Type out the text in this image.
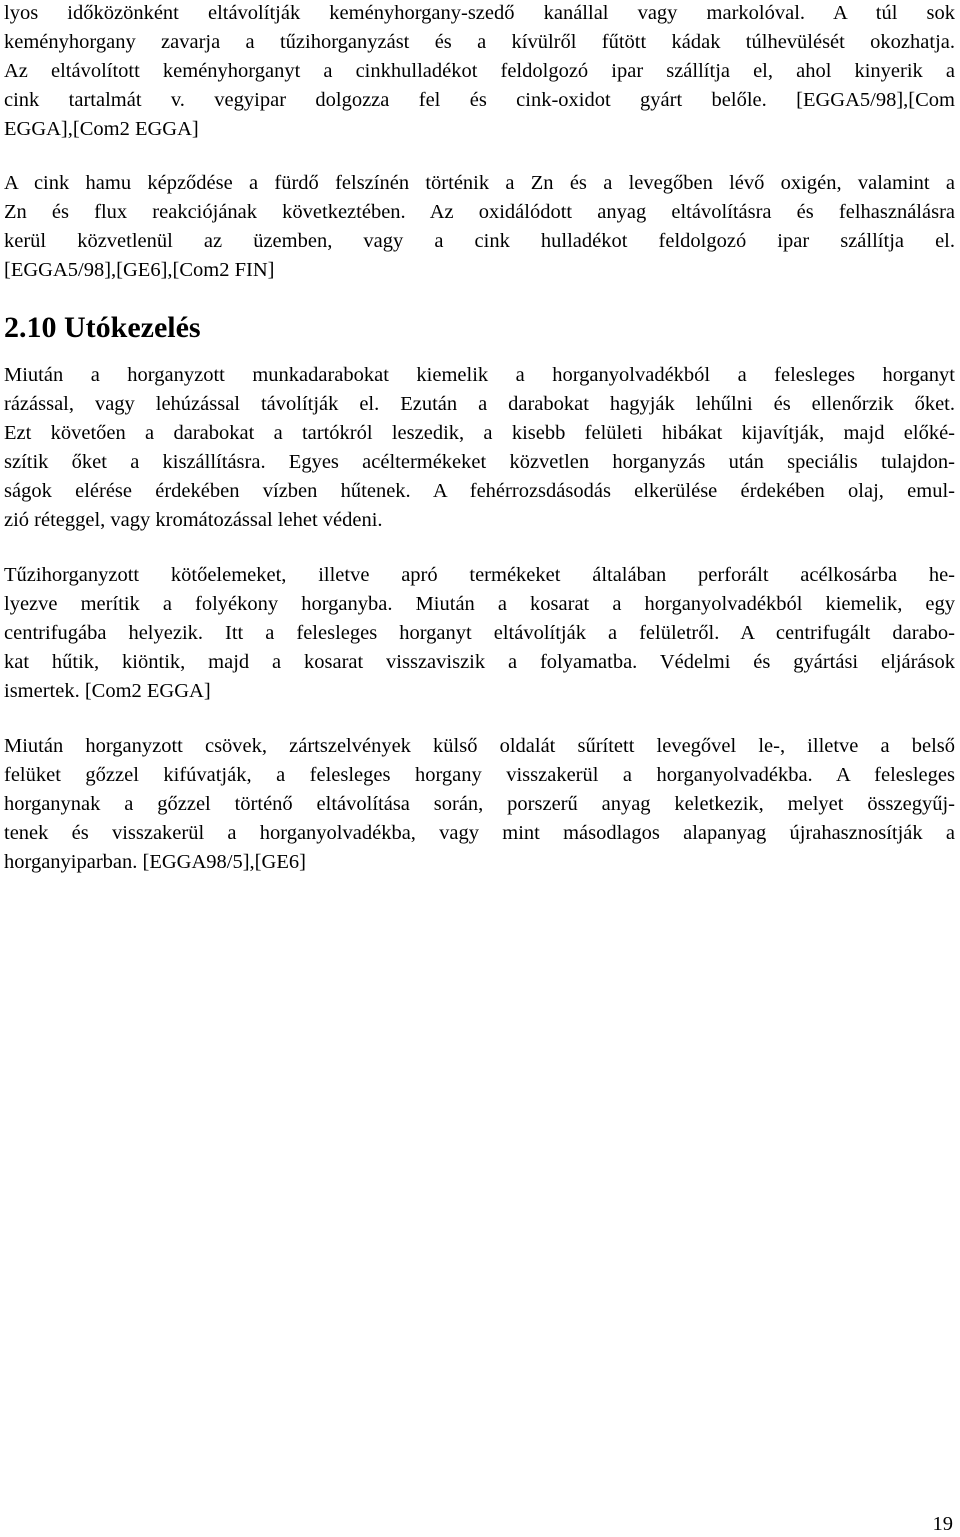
lyos időközönként eltávolítják keményhorgany-szedő kanállal vagy markolóval. A túl sok
keményhorgany zavarja a tűzihorganyzást és a kívülről fűtött kádak túlhevülését okozhatja.
Az eltávolított keményhorganyt a cinkhulladékot feldolgozó ipar szállítja el, ahol kinyerik a
cink tartalmát v. vegyipar dolgozza fel és cink-oxidot gyárt belőle. [EGGA5/98],[Com
EGGA],[Com2 EGGA]

A cink hamu képződése a fürdő felszínén történik a Zn és a levegőben lévő oxigén, valamint a
Zn és flux reakciójának következtében. Az oxidálódott anyag eltávolításra és felhasználásra
kerül közvetlenül az üzemben, vagy a cink hulladékot feldolgozó ipar szállítja el.
[EGGA5/98],[GE6],[Com2 FIN]

2.10 Utókezelés

Miután a horganyzott munkadarabokat kiemelik a horganyolvadékból a felesleges horganyt
rázással, vagy lehúzással távolítják el. Ezután a darabokat hagyják lehűlni és ellenőrzik őket.
Ezt követően a darabokat a tartókról leszedik, a kisebb felületi hibákat kijavítják, majd előké-
szítik őket a kiszállításra. Egyes acéltermékeket közvetlen horganyzás után speciális tulajdon-
ságok elérése érdekében vízben hűtenek. A fehérrozsdásodás elkerülése érdekében olaj, emul-
zió réteggel, vagy kromátozással lehet védeni.

Tűzihorganyzott kötőelemeket, illetve apró termékeket általában perforált acélkosárba he-
lyezve merítik a folyékony horganyba. Miután a kosarat a horganyolvadékból kiemelik, egy
centrifugába helyezik. Itt a felesleges horganyt eltávolítják a felületről. A centrifugált darabo-
kat hűtik, kiöntik, majd a kosarat visszaviszik a folyamatba. Védelmi és gyártási eljárások
ismertek. [Com2 EGGA]

Miután horganyzott csövek, zártszelvények külső oldalát sűrített levegővel le-, illetve a belső
felüket gőzzel kifúvatják, a felesleges horgany visszakerül a horganyolvadékba. A felesleges
horganynak a gőzzel történő eltávolítása során, porszerű anyag keletkezik, melyet összegyűj-
tenek és visszakerül a horganyolvadékba, vagy mint másodlagos alapanyag újrahasznosítják a
horganyiparban. [EGGA98/5],[GE6]

19
